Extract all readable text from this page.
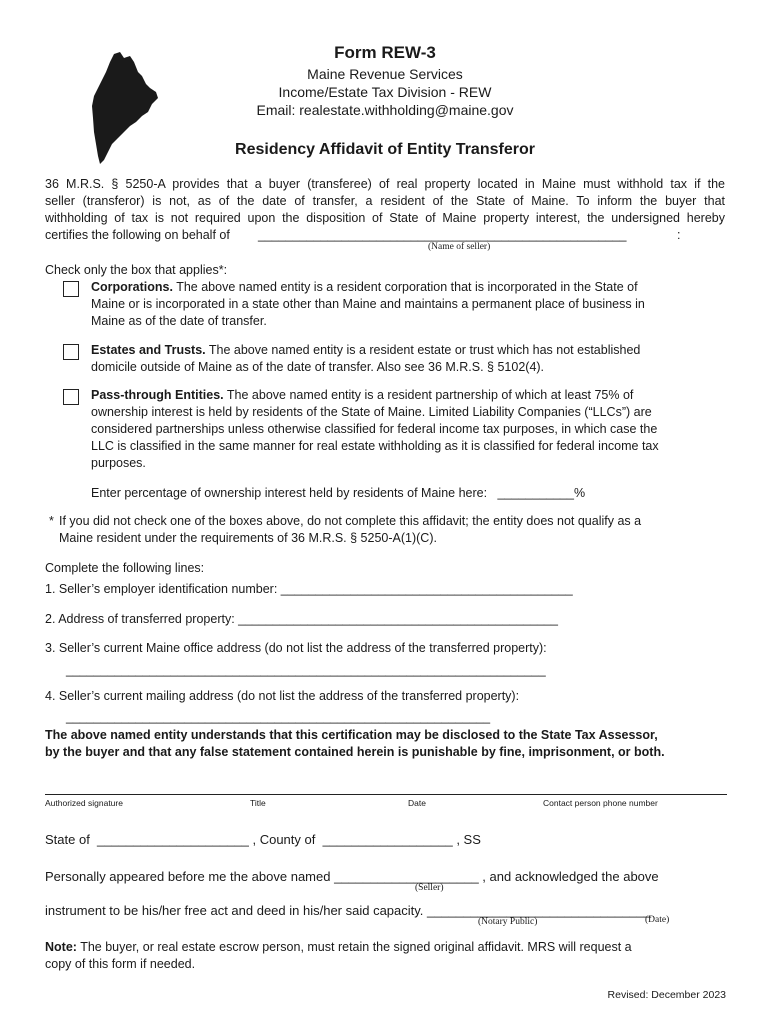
Form REW-3
Maine Revenue Services
Income/Estate Tax Division - REW
Email: realestate.withholding@maine.gov
Residency Affidavit of Entity Transferor
36 M.R.S. § 5250-A provides that a buyer (transferee) of real property located in Maine must withhold tax if the
seller (transferor) is not, as of the date of transfer, a resident of the State of Maine. To inform the buyer that
withholding of tax is not required upon the disposition of State of Maine property interest, the undersigned hereby
certifies the following on behalf of _____________________________________________________	:
(Name of seller)
Check only the box that applies*:
Corporations. The above named entity is a resident corporation that is incorporated in the State of
Maine or is incorporated in a state other than Maine and maintains a permanent place of business in
Maine as of the date of transfer.
Estates and Trusts. The above named entity is a resident estate or trust which has not established
domicile outside of Maine as of the date of transfer. Also see 36 M.R.S. § 5102(4).
Pass-through Entities. The above named entity is a resident partnership of which at least 75% of
ownership interest is held by residents of the State of Maine. Limited Liability Companies (“LLCs”) are
considered partnerships unless otherwise classified for federal income tax purposes, in which case the
LLC is classified in the same manner for real estate withholding as it is classified for federal income tax
purposes.
Enter percentage of ownership interest held by residents of Maine here:   ___________%
* If you did not check one of the boxes above, do not complete this affidavit; the entity does not qualify as a
Maine resident under the requirements of 36 M.R.S. § 5250-A(1)(C).
Complete the following lines:
1. Seller’s employer identification number: __________________________________________
2. Address of transferred property: ______________________________________________
3. Seller’s current Maine office address (do not list the address of the transferred property):
_____________________________________________________________________
4. Seller’s current mailing address (do not list the address of the transferred property):
_____________________________________________________________
The above named entity understands that this certification may be disclosed to the State Tax Assessor,
by the buyer and that any false statement contained herein is punishable by fine, imprisonment, or both.
Authorized signature	Title	Date	Contact person phone number
State of  _____________________ , County of  __________________ , SS
Personally appeared before me the above named ____________________ , and acknowledged the above
(Seller)
instrument to be his/her free act and deed in his/her said capacity. _______________________________
(Notary Public)	(Date)
Note: The buyer, or real estate escrow person, must retain the signed original affidavit. MRS will request a
copy of this form if needed.
Revised: December 2023
